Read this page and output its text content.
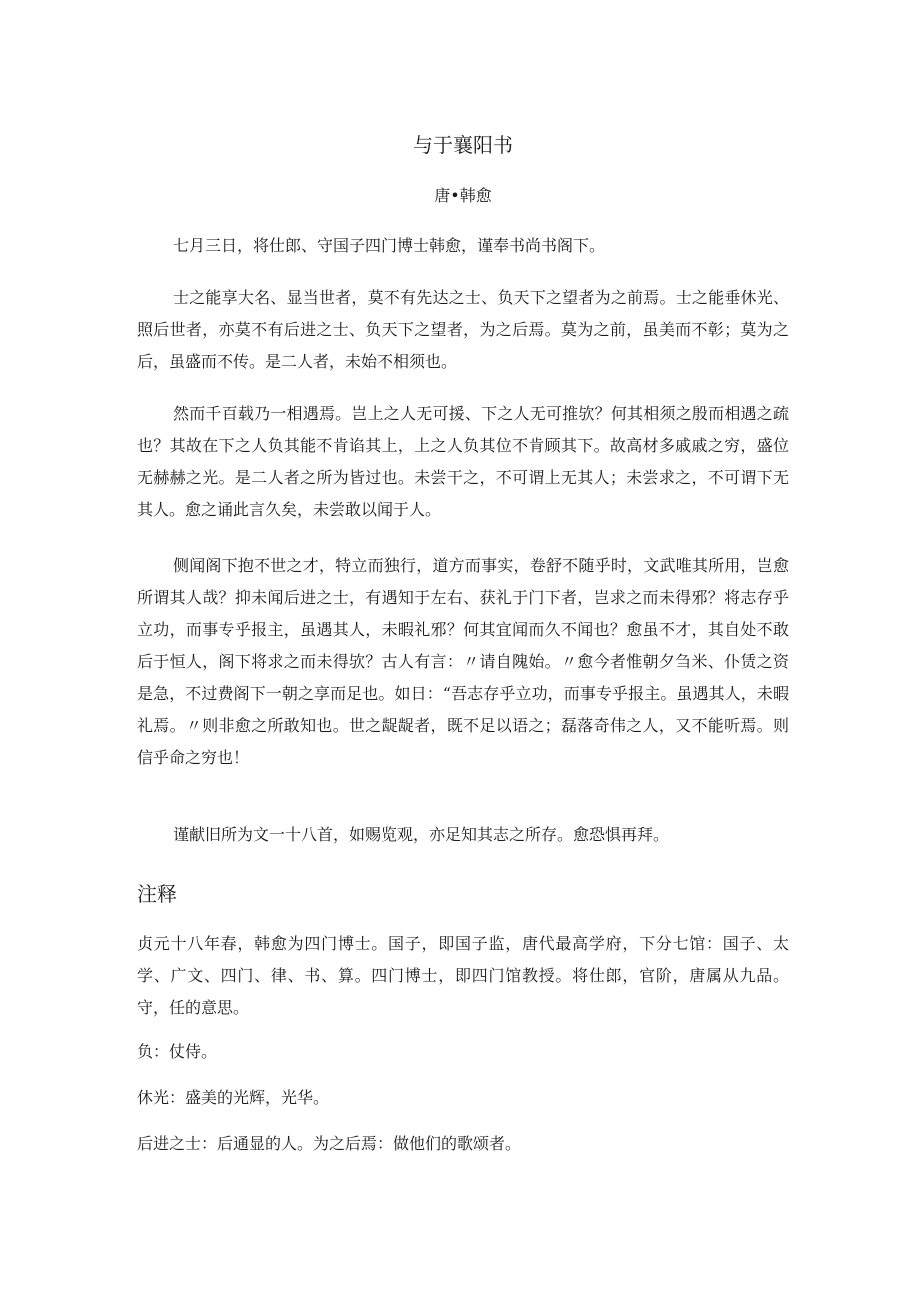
与于襄阳书
唐•韩愈

七月三日，将仕郎、守国子四门博士韩愈，谨奉书尚书阁下。

士之能享大名、显当世者，莫不有先达之士、负天下之望者为之前焉。士之能垂休光、照后世者，亦莫不有后进之士、负天下之望者，为之后焉。莫为之前，虽美而不彰；莫为之后，虽盛而不传。是二人者，未始不相须也。

然而千百载乃一相遇焉。岂上之人无可援、下之人无可推欤？何其相须之殷而相遇之疏也？其故在下之人负其能不肯谄其上，上之人负其位不肯顾其下。故高材多戚戚之穷，盛位无赫赫之光。是二人者之所为皆过也。未尝干之，不可谓上无其人；未尝求之，不可谓下无其人。愈之诵此言久矣，未尝敢以闻于人。

侧闻阁下抱不世之才，特立而独行，道方而事实，卷舒不随乎时，文武唯其所用，岂愈所谓其人哉？抑未闻后进之士，有遇知于左右、获礼于门下者，岂求之而未得邪？将志存乎立功，而事专乎报主，虽遇其人，未暇礼邪？何其宜闻而久不闻也？愈虽不才，其自处不敢后于恒人，阁下将求之而未得欤？古人有言：〃请自隗始。〃愈今者惟朝夕刍米、仆赁之资是急，不过费阁下一朝之享而足也。如日：“吾志存乎立功，而事专乎报主。虽遇其人，未暇礼焉。〃则非愈之所敢知也。世之龊龊者，既不足以语之；磊落奇伟之人，又不能听焉。则信乎命之穷也！

谨献旧所为文一十八首，如赐览观，亦足知其志之所存。愈恐惧再拜。

注释

贞元十八年春，韩愈为四门博士。国子，即国子监，唐代最高学府，下分七馆：国子、太学、广文、四门、律、书、算。四门博士，即四门馆教授。将仕郎，官阶，唐属从九品。守，任的意思。

负：仗侍。

休光：盛美的光辉，光华。

后进之士：后通显的人。为之后焉：做他们的歌颂者。
